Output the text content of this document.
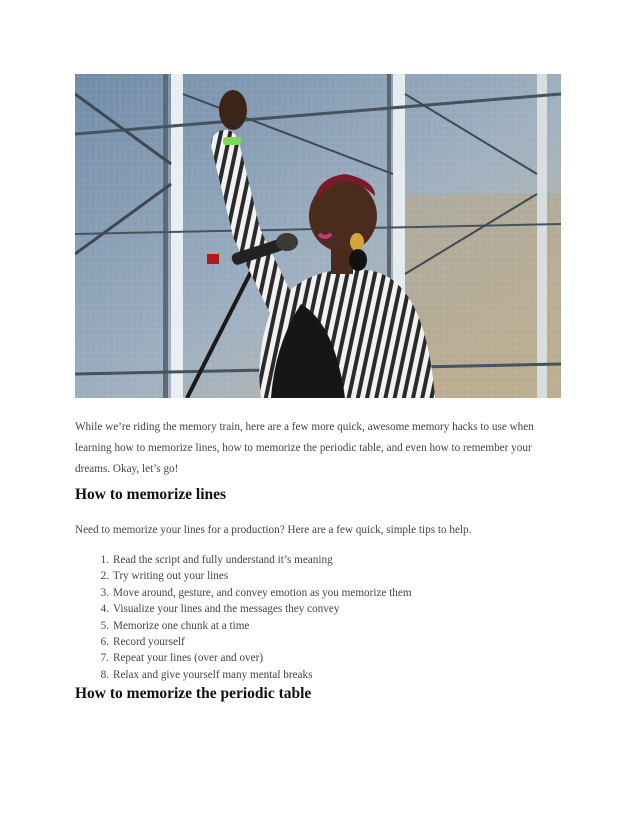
While we’re riding the memory train, here are a few more quick, awesome memory hacks to use when learning how to memorize lines, how to memorize the periodic table, and even how to remember your dreams. Okay, let’s go!

How to memorize lines

Need to memorize your lines for a production? Here are a few quick, simple tips to help.

1. Read the script and fully understand it’s meaning
2. Try writing out your lines
3. Move around, gesture, and convey emotion as you memorize them
4. Visualize your lines and the messages they convey
5. Memorize one chunk at a time
6. Record yourself
7. Repeat your lines (over and over)
8. Relax and give yourself many mental breaks
How to memorize the periodic table
